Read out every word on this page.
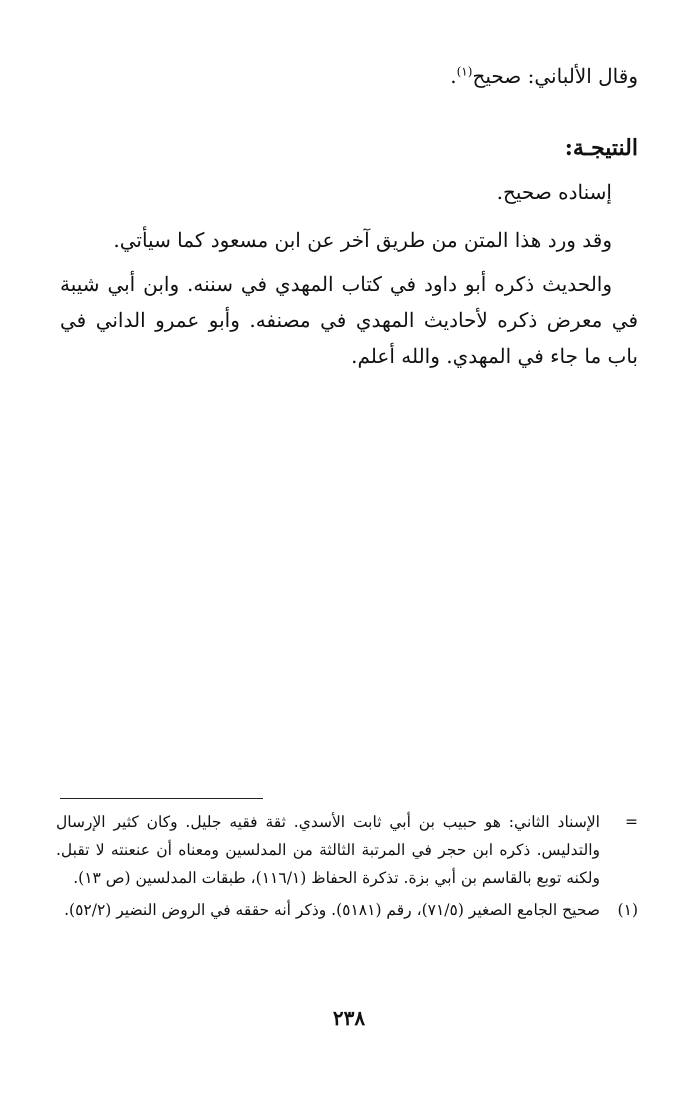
وقال الألباني: صحيح$^{(١)}$.
النتيجـة:
إسناده صحيح.
وقد ورد هذا المتن من طريق آخر عن ابن مسعود كما سيأتي.
والحديث ذكره أبو داود في كتاب المهدي في سننه. وابن أبي شيبة في معرض ذكره لأحاديث المهدي في مصنفه. وأبو عمرو الداني في باب ما جاء في المهدي. والله أعلم.
=
الإسناد الثاني: هو حبيب بن أبي ثابت الأسدي. ثقة فقيه جليل. وكان كثير الإرسال والتدليس. ذكره ابن حجر في المرتبة الثالثة من المدلسين ومعناه أن عنعنته لا تقبل. ولكنه توبع بالقاسم بن أبي بزة. تذكرة الحفاظ (١١٦/١)، طبقات المدلسين (ص ١٣).
(١)
صحيح الجامع الصغير (٧١/٥)، رقم (٥١٨١). وذكر أنه حققه في الروض النضير (٥٢/٢).
٢٣٨
